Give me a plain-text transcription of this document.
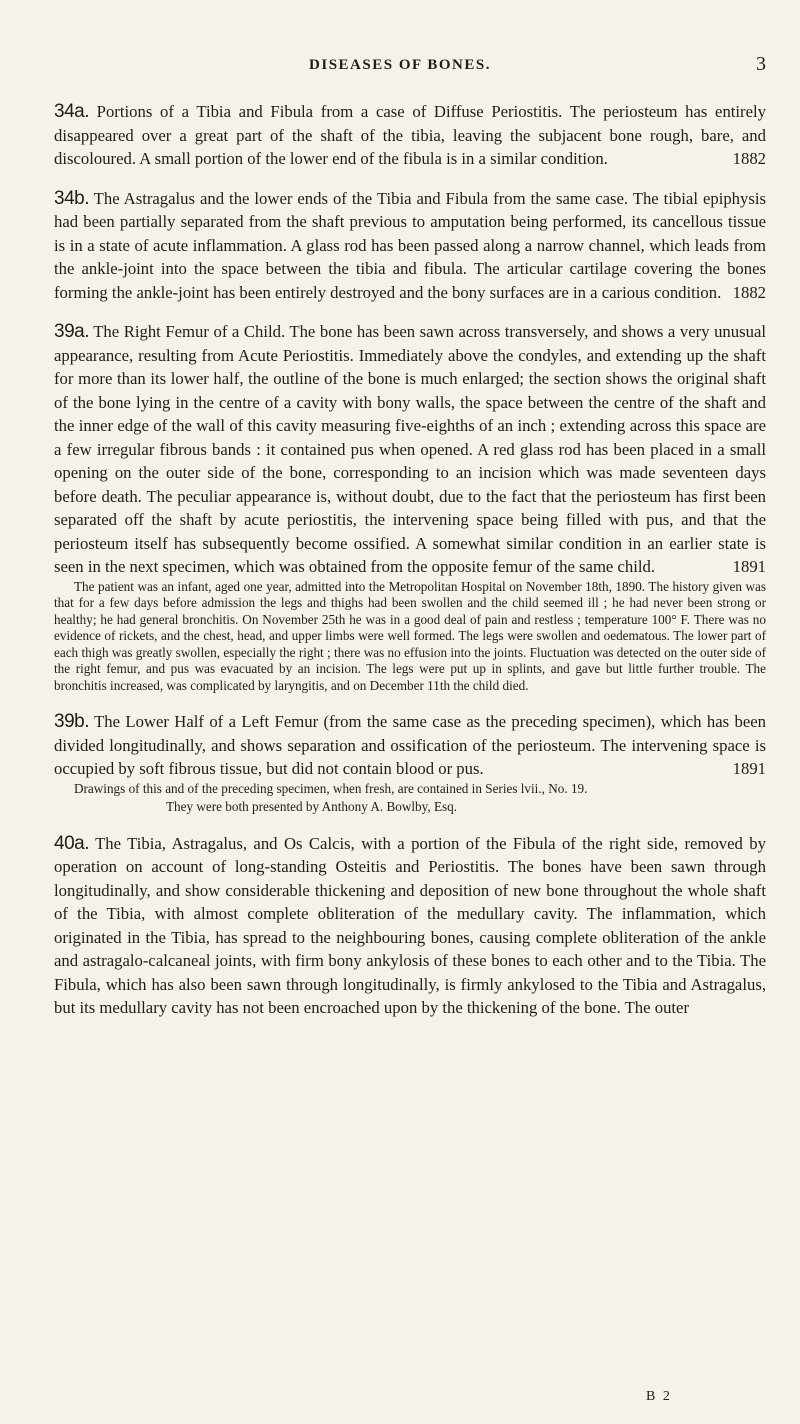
DISEASES OF BONES.	3

34a. Portions of a Tibia and Fibula from a case of Diffuse Periostitis. The periosteum has entirely disappeared over a great part of the shaft of the tibia, leaving the subjacent bone rough, bare, and discoloured. A small portion of the lower end of the fibula is in a similar condition.	1882

34b. The Astragalus and the lower ends of the Tibia and Fibula from the same case. The tibial epiphysis had been partially separated from the shaft previous to amputation being performed, its cancellous tissue is in a state of acute inflammation. A glass rod has been passed along a narrow channel, which leads from the ankle-joint into the space between the tibia and fibula. The articular cartilage covering the bones forming the ankle-joint has been entirely destroyed and the bony surfaces are in a carious condition. 1882

39a. The Right Femur of a Child. The bone has been sawn across transversely, and shows a very unusual appearance, resulting from Acute Periostitis. Immediately above the condyles, and extending up the shaft for more than its lower half, the outline of the bone is much enlarged; the section shows the original shaft of the bone lying in the centre of a cavity with bony walls, the space between the centre of the shaft and the inner edge of the wall of this cavity measuring five-eighths of an inch ; extending across this space are a few irregular fibrous bands : it contained pus when opened. A red glass rod has been placed in a small opening on the outer side of the bone, corresponding to an incision which was made seventeen days before death. The peculiar appearance is, without doubt, due to the fact that the periosteum has first been separated off the shaft by acute periostitis, the intervening space being filled with pus, and that the periosteum itself has subsequently become ossified. A somewhat similar condition in an earlier state is seen in the next specimen, which was obtained from the opposite femur of the same child.	1891

The patient was an infant, aged one year, admitted into the Metropolitan Hospital on November 18th, 1890. The history given was that for a few days before admission the legs and thighs had been swollen and the child seemed ill ; he had never been strong or healthy; he had general bronchitis. On November 25th he was in a good deal of pain and restless ; temperature 100° F. There was no evidence of rickets, and the chest, head, and upper limbs were well formed. The legs were swollen and oedematous. The lower part of each thigh was greatly swollen, especially the right ; there was no effusion into the joints. Fluctuation was detected on the outer side of the right femur, and pus was evacuated by an incision. The legs were put up in splints, and gave but little further trouble. The bronchitis increased, was complicated by laryngitis, and on December 11th the child died.

39b. The Lower Half of a Left Femur (from the same case as the preceding specimen), which has been divided longitudinally, and shows separation and ossification of the periosteum. The intervening space is occupied by soft fibrous tissue, but did not contain blood or pus.	1891

Drawings of this and of the preceding specimen, when fresh, are contained in Series lvii., No. 19.

They were both presented by Anthony A. Bowlby, Esq.

40a. The Tibia, Astragalus, and Os Calcis, with a portion of the Fibula of the right side, removed by operation on account of long-standing Osteitis and Periostitis. The bones have been sawn through longitudinally, and show considerable thickening and deposition of new bone throughout the whole shaft of the Tibia, with almost complete obliteration of the medullary cavity. The inflammation, which originated in the Tibia, has spread to the neighbouring bones, causing complete obliteration of the ankle and astragalo-calcaneal joints, with firm bony ankylosis of these bones to each other and to the Tibia. The Fibula, which has also been sawn through longitudinally, is firmly ankylosed to the Tibia and Astragalus, but its medullary cavity has not been encroached upon by the thickening of the bone. The outer

B 2
